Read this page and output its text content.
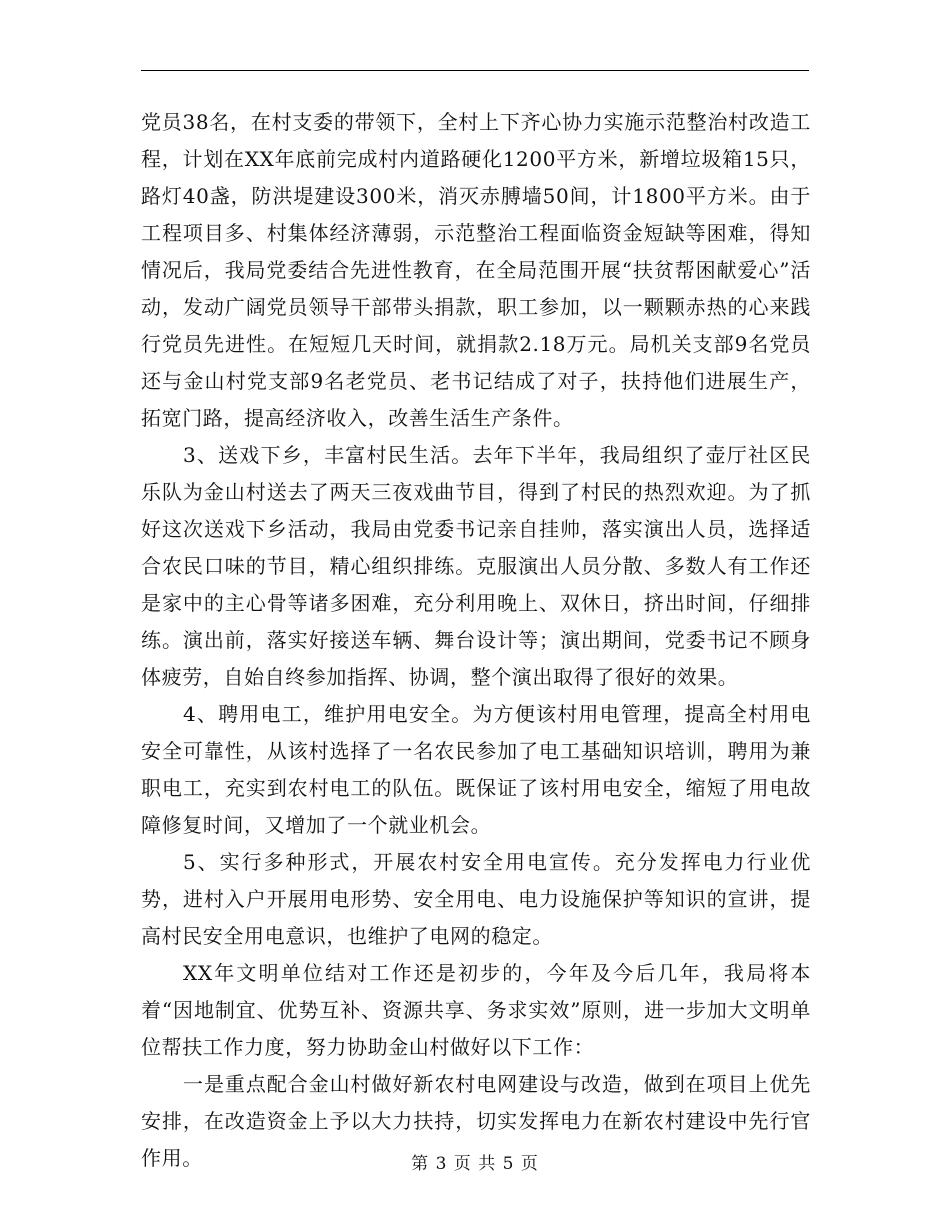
党员38名，在村支委的带领下，全村上下齐心协力实施示范整治村改造工程，计划在XX年底前完成村内道路硬化1200平方米，新增垃圾箱15只，路灯40盏，防洪堤建设300米，消灭赤膊墙50间，计1800平方米。由于工程项目多、村集体经济薄弱，示范整治工程面临资金短缺等困难，得知情况后，我局党委结合先进性教育，在全局范围开展“扶贫帮困献爱心”活动，发动广阔党员领导干部带头捐款，职工参加，以一颗颗赤热的心来践行党员先进性。在短短几天时间，就捐款2.18万元。局机关支部9名党员还与金山村党支部9名老党员、老书记结成了对子，扶持他们进展生产，拓宽门路，提高经济收入，改善生活生产条件。

3、送戏下乡，丰富村民生活。去年下半年，我局组织了壶厅社区民乐队为金山村送去了两天三夜戏曲节目，得到了村民的热烈欢迎。为了抓好这次送戏下乡活动，我局由党委书记亲自挂帅，落实演出人员，选择适合农民口味的节目，精心组织排练。克服演出人员分散、多数人有工作还是家中的主心骨等诸多困难，充分利用晚上、双休日，挤出时间，仔细排练。演出前，落实好接送车辆、舞台设计等；演出期间，党委书记不顾身体疲劳，自始自终参加指挥、协调，整个演出取得了很好的效果。

4、聘用电工，维护用电安全。为方便该村用电管理，提高全村用电安全可靠性，从该村选择了一名农民参加了电工基础知识培训，聘用为兼职电工，充实到农村电工的队伍。既保证了该村用电安全，缩短了用电故障修复时间，又增加了一个就业机会。

5、实行多种形式，开展农村安全用电宣传。充分发挥电力行业优势，进村入户开展用电形势、安全用电、电力设施保护等知识的宣讲，提高村民安全用电意识，也维护了电网的稳定。

XX年文明单位结对工作还是初步的，今年及今后几年，我局将本着“因地制宜、优势互补、资源共享、务求实效”原则，进一步加大文明单位帮扶工作力度，努力协助金山村做好以下工作：

一是重点配合金山村做好新农村电网建设与改造，做到在项目上优先安排，在改造资金上予以大力扶持，切实发挥电力在新农村建设中先行官作用。	第 3 页 共 5 页
